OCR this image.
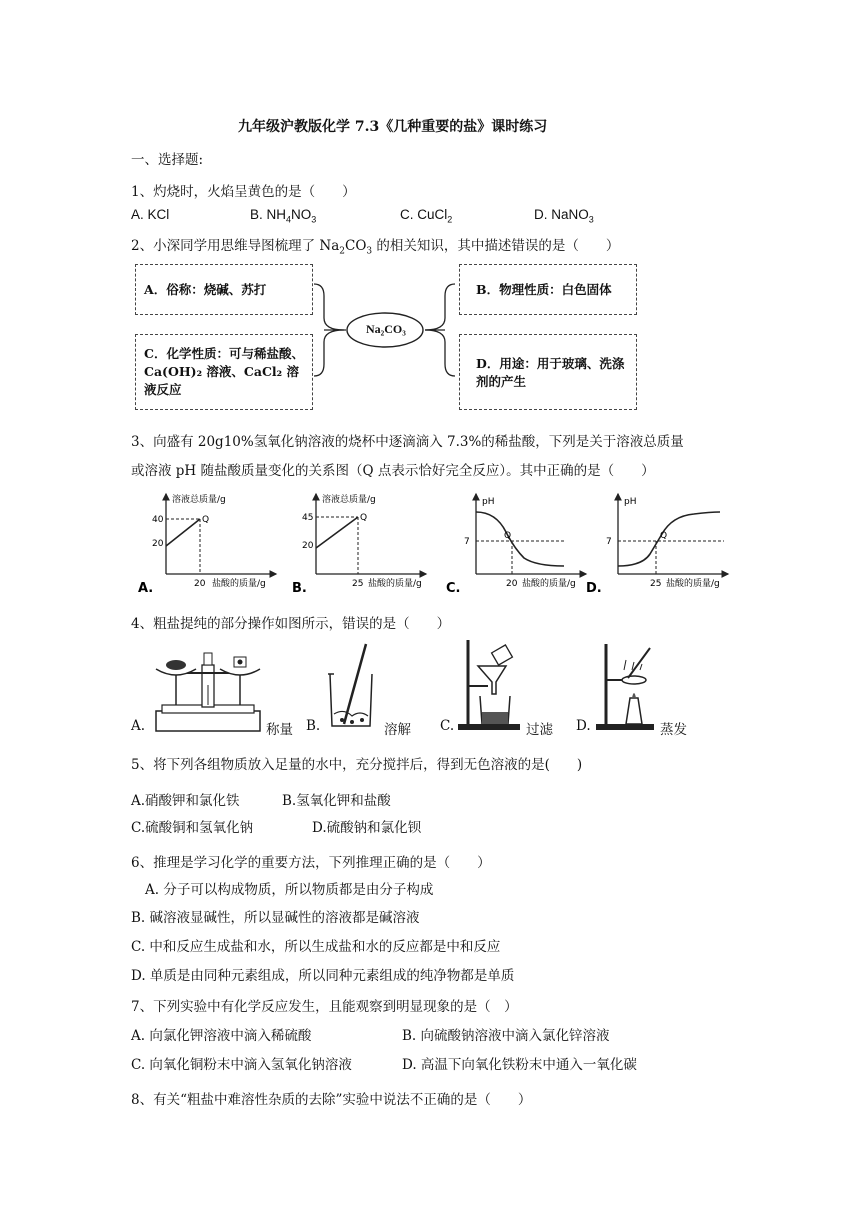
九年级沪教版化学 7.3《几种重要的盐》课时练习
一、选择题:
1、灼烧时，火焰呈黄色的是（　　）
A. KCl	B. $NH_4NO_3$	C. CuCl$_2$	D. NaNO$_3$
2、小深同学用思维导图梳理了 $Na_2CO_3$ 的相关知识，其中描述错误的是（　　）
Na₂CO₃
A．俗称：烧碱、苏打
C．化学性质：可与稀盐酸、Ca(OH)₂ 溶液、CaCl₂ 溶液反应
B．物理性质：白色固体
D．用途：用于玻璃、洗涤剂的产生
3、向盛有 20g10%氢氧化钠溶液的烧杯中逐滴滴入 7.3%的稀盐酸，下列是关于溶液总质量
或溶液 pH 随盐酸质量变化的关系图（Q 点表示恰好完全反应）。其中正确的是（　　）
溶液总质量/g
40
20
Q
20 盐酸的质量/g
A.
溶液总质量/g
45
20
Q
25 盐酸的质量/g
B.
pH
7
Q
20 盐酸的质量/g
C.
pH
7
Q
25 盐酸的质量/g
D.
4、粗盐提纯的部分操作如图所示，错误的是（　　）
A.	称量 B.	溶解 C.	过滤 D.	蒸发
5、将下列各组物质放入足量的水中，充分搅拌后，得到无色溶液的是(　　)
A.硝酸钾和氯化铁	B.氢氧化钾和盐酸
C.硫酸铜和氢氧化钠	D.硫酸钠和氯化钡
6、推理是学习化学的重要方法，下列推理正确的是（　　）
A. 分子可以构成物质，所以物质都是由分子构成
B. 碱溶液显碱性，所以显碱性的溶液都是碱溶液
C. 中和反应生成盐和水，所以生成盐和水的反应都是中和反应
D. 单质是由同种元素组成，所以同种元素组成的纯净物都是单质
7、下列实验中有化学反应发生，且能观察到明显现象的是（　）
A. 向氯化钾溶液中滴入稀硫酸	B. 向硫酸钠溶液中滴入氯化锌溶液
C. 向氧化铜粉末中滴入氢氧化钠溶液	D. 高温下向氧化铁粉末中通入一氧化碳
8、有关“粗盐中难溶性杂质的去除”实验中说法不正确的是（　　）
